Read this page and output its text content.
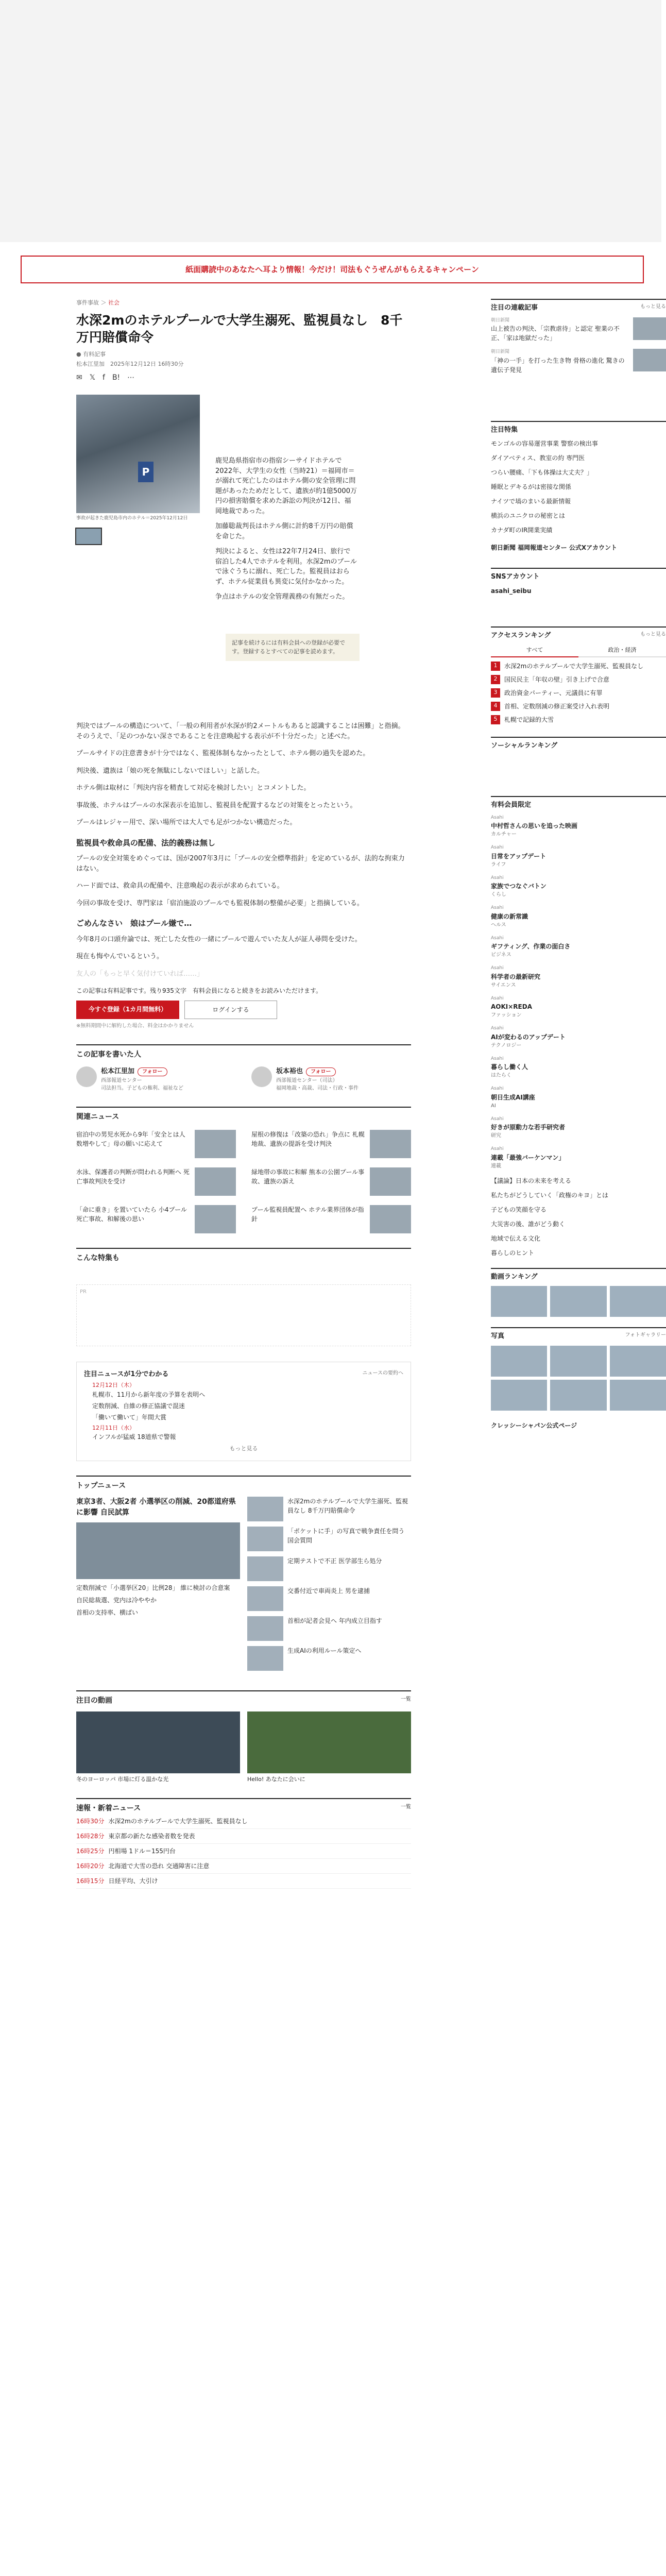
紙面購読中のあなたへ耳より情報！今だけ！司法もぐうぜんがもらえるキャンペーン
事件事故 ＞ 社会
水深2mのホテルプールで大学生溺死、監視員なし　8千万円賠償命令
● 有料記事
松本江里加　 2025年12月12日 16時30分
✉ 𝕏 f B! ⋯
P
事故が起きた鹿児島市内のホテル＝2025年12月12日

鹿児島県指宿市の指宿シーサイドホテルで2022年、大学生の女性（当時21）＝福岡市＝が溺れて死亡したのはホテル側の安全管理に問題があったためだとして、遺族が約1億5000万円の損害賠償を求めた訴訟の判決が12日、福岡地裁であった。

加藤聡裁判長はホテル側に計約8千万円の賠償を命じた。

判決によると、女性は22年7月24日、旅行で宿泊した4人でホテルを利用。水深2mのプールで泳ぐうちに溺れ、死亡した。監視員はおらず、ホテル従業員も異変に気付かなかった。

争点はホテルの安全管理義務の有無だった。

記事を続けるには有料会員への登録が必要です。登録するとすべての記事を読めます。

判決ではプールの構造について、「一般の利用者が水深が約2メートルもあると認識することは困難」と指摘。そのうえで、「足のつかない深さであることを注意喚起する表示が不十分だった」と述べた。

プールサイドの注意書きが十分ではなく、監視体制もなかったとして、ホテル側の過失を認めた。

判決後、遺族は「娘の死を無駄にしないでほしい」と話した。

ホテル側は取材に「判決内容を精査して対応を検討したい」とコメントした。

事故後、ホテルはプールの水深表示を追加し、監視員を配置するなどの対策をとったという。

プールはレジャー用で、深い場所では大人でも足がつかない構造だった。

監視員や救命具の配備、法的義務は無し

プールの安全対策をめぐっては、国が2007年3月に「プールの安全標準指針」を定めているが、法的な拘束力はない。

ハード面では、救命具の配備や、注意喚起の表示が求められている。

今回の事故を受け、専門家は「宿泊施設のプールでも監視体制の整備が必要」と指摘している。

ごめんなさい　娘はプール嫌で…

今年8月の口頭弁論では、死亡した女性の一緒にプールで遊んでいた友人が証人尋問を受けた。

現在も悔やんでいるという。

友人の「もっと早く気付けていれば……」

この記事は有料記事です。残り935文字　有料会員になると続きをお読みいただけます。
今すぐ登録（1カ月間無料）	ログインする
※無料期間中に解約した場合、料金はかかりません
この記事を書いた人
松本江里加 フォロー
西部報道センター
司法担当。子どもの権利、福祉など
坂本裕也 フォロー
西部報道センター（司法）
福岡地裁・高裁、司法・行政・事件
関連ニュース
宿泊中の男児水死から9年「安全とは人数増やして」母の願いに応えて
屋根の修復は「改築の恐れ」争点に 札幌地裁、遺族の提訴を受け判決
水泳、保護者の判断が問われる判断へ 死亡事故判決を受け
緑地帯の事故に和解 熊本の公園プール事故、遺族の訴え
「命に重き」を置いていたら 小4プール死亡事故、和解後の思い
プール監視員配置へ ホテル業界団体が指針
こんな特集も
PR
注目ニュースが1分でわかる	ニュースの要約へ
12月12日（木）
札幌市、11月から新年度の予算を表明へ
定数削減、自維の修正協議で混迷
「働いて働いて」年間大賞
12月11日（水）
インフルが猛威 18道県で警報
もっと見る
トップニュース
東京3者、大阪2者 小選挙区の削減、20都道府県に影響 自民試算
定数削減で「小選挙区20」比例28」 維に検討の合意案
自民総裁選、党内は冷ややか
首相の支持率、横ばい
水深2mのホテルプールで大学生溺死、監視員なし 8千万円賠償命令
「ポケットに手」の写真で戦争責任を問う 国会質問
定期テストで不正 医学部生ら処分
交番付近で車両炎上 男を逮捕
首相が記者会見へ 年内成立目指す
生成AIの利用ルール策定へ
注目の動画	一覧
冬のヨーロッパ 市場に灯る温かな光	Hello! あなたに会いに
速報・新着ニュース	一覧
16時30分 水深2mのホテルプールで大学生溺死、監視員なし
16時28分 東京都の新たな感染者数を発表
16時25分 円相場 1ドル＝155円台
16時20分 北海道で大雪の恐れ 交通障害に注意
16時15分 日経平均、大引け
注目の連載記事	もっと見る
朝日新聞
山上被告の判決、「宗教虐待」と認定 聖業の不正、「家は地獄だった」
朝日新聞
「神の一手」を打った生き物 骨格の進化 驚きの遺伝子発見
注目特集

モンゴルの容易運営事業 警察の検出事

ダイアベティス、教室の約 専門医

つらい腰痛、「下も体操は大丈夫？」

睡眠とデキるがは密接な関係

ナイツで塙のまいる最新情報

横浜のユニクロの秘密とは

カナダ町のIR開業実績

朝日新聞 福岡報道センター 公式Xアカウント
SNSアカウント
asahi_seibu
アクセスランキング	もっと見る
すべて	政治・経済
1	水深2mのホテルプールで大学生溺死、監視員なし
2	国民民主「年収の壁」引き上げで合意
3	政治資金パーティー、元議員に有罪
4	首相、定数削減の修正案受け入れ表明
5	札幌で記録的大雪
ソーシャルランキング
有料会員限定
Asahi
中村哲さんの思いを追った映画
カルチャー
Asahi
日常をアップデート
ライフ
Asahi
家族でつなぐバトン
くらし
Asahi
健康の新常識
ヘルス
Asahi
ギフティング、作業の面白さ
ビジネス
Asahi
科学者の最新研究
サイエンス
Asahi
AOKI×REDA
ファッション
Asahi
AIが変わるのアップデート
テクノロジー
Asahi
暮らし働く人
はたらく
Asahi
朝日生成AI講座
AI
Asahi
好きが原動力な若手研究者
研究
Asahi
連載「最強バーケンマン」
連載

【議論】日本の未来を考える

私たちがどうしていく「政権のキヨ」とは

子どもの笑顔を守る

大災害の後、誰がどう動く

地域で伝える文化

暮らしのヒント

動画ランキング
写真	フォトギャラリー
クレッシーシャパン公式ページ
